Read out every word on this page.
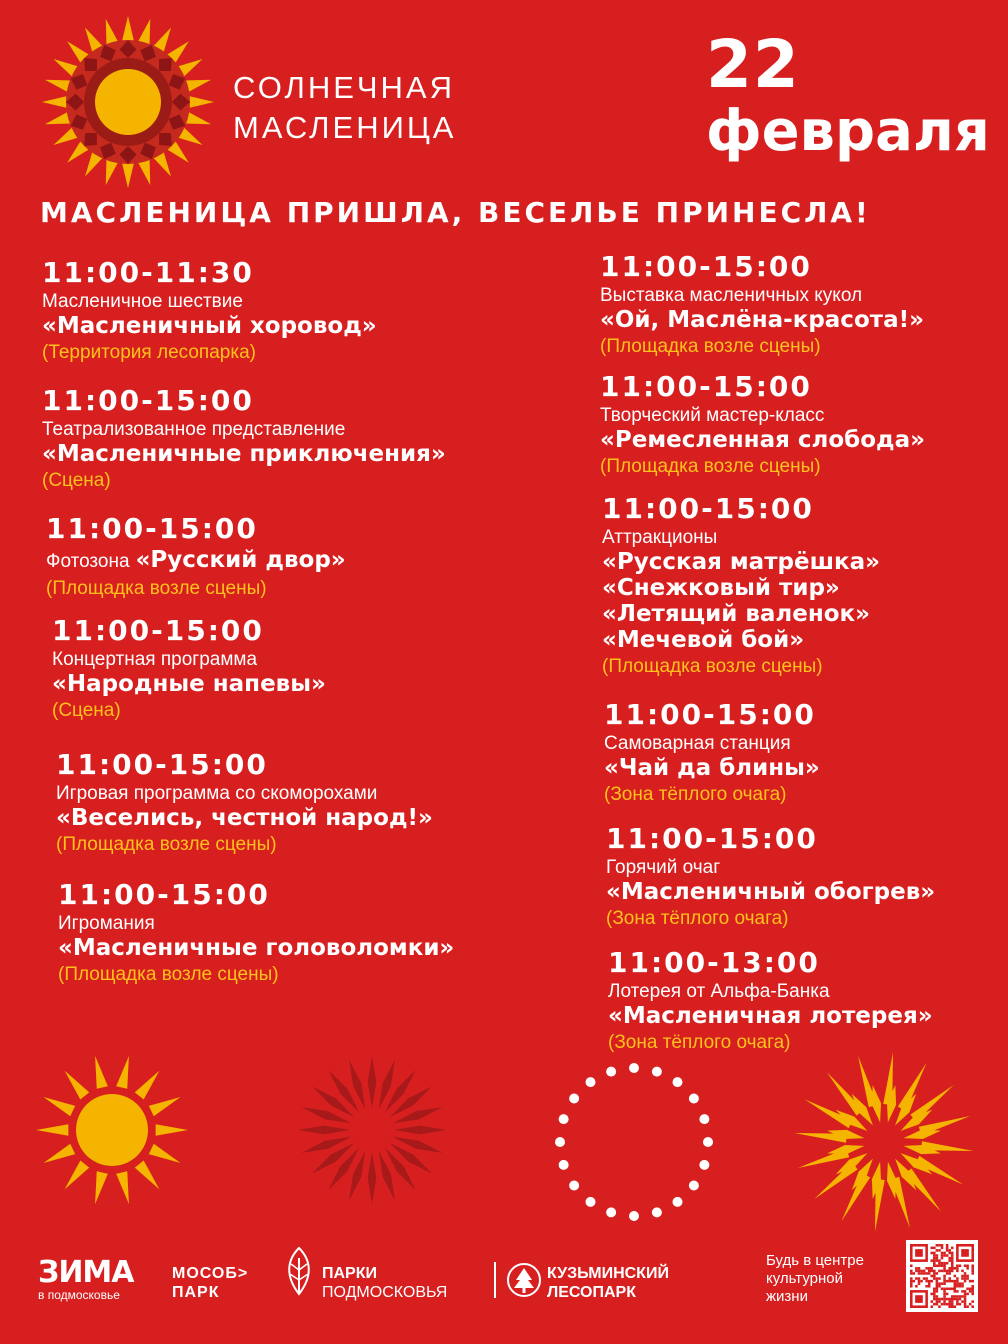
СОЛНЕЧНАЯ
МАСЛЕНИЦА
22
февраля
МАСЛЕНИЦА ПРИШЛА, ВЕСЕЛЬЕ ПРИНЕСЛА!
11:00-11:30
Масленичное шествие
«Масленичный хоровод»
(Территория лесопарка)
11:00-15:00
Театрализованное представление
«Масленичные приключения»
(Сцена)
11:00-15:00
Фотозона «Русский двор»
(Площадка возле сцены)
11:00-15:00
Концертная программа
«Народные напевы»
(Сцена)
11:00-15:00
Игровая программа со скоморохами
«Веселись, честной народ!»
(Площадка возле сцены)
11:00-15:00
Игромания
«Масленичные головоломки»
(Площадка возле сцены)
11:00-15:00
Выставка масленичных кукол
«Ой, Маслёна-красота!»
(Площадка возле сцены)
11:00-15:00
Творческий мастер-класс
«Ремесленная слобода»
(Площадка возле сцены)
11:00-15:00
Аттракционы
«Русская матрёшка»
«Снежковый тир»
«Летящий валенок»
«Мечевой бой»
(Площадка возле сцены)
11:00-15:00
Самоварная станция
«Чай да блины»
(Зона тёплого очага)
11:00-15:00
Горячий очаг
«Масленичный обогрев»
(Зона тёплого очага)
11:00-13:00
Лотерея от Альфа-Банка
«Масленичная лотерея»
(Зона тёплого очага)
ЗИМА
в подмосковье
МОСОБ>
ПАРК
ПАРКИ
ПОДМОСКОВЬЯ
КУЗЬМИНСКИЙ
ЛЕСОПАРК
Будь в центре
культурной
жизни
